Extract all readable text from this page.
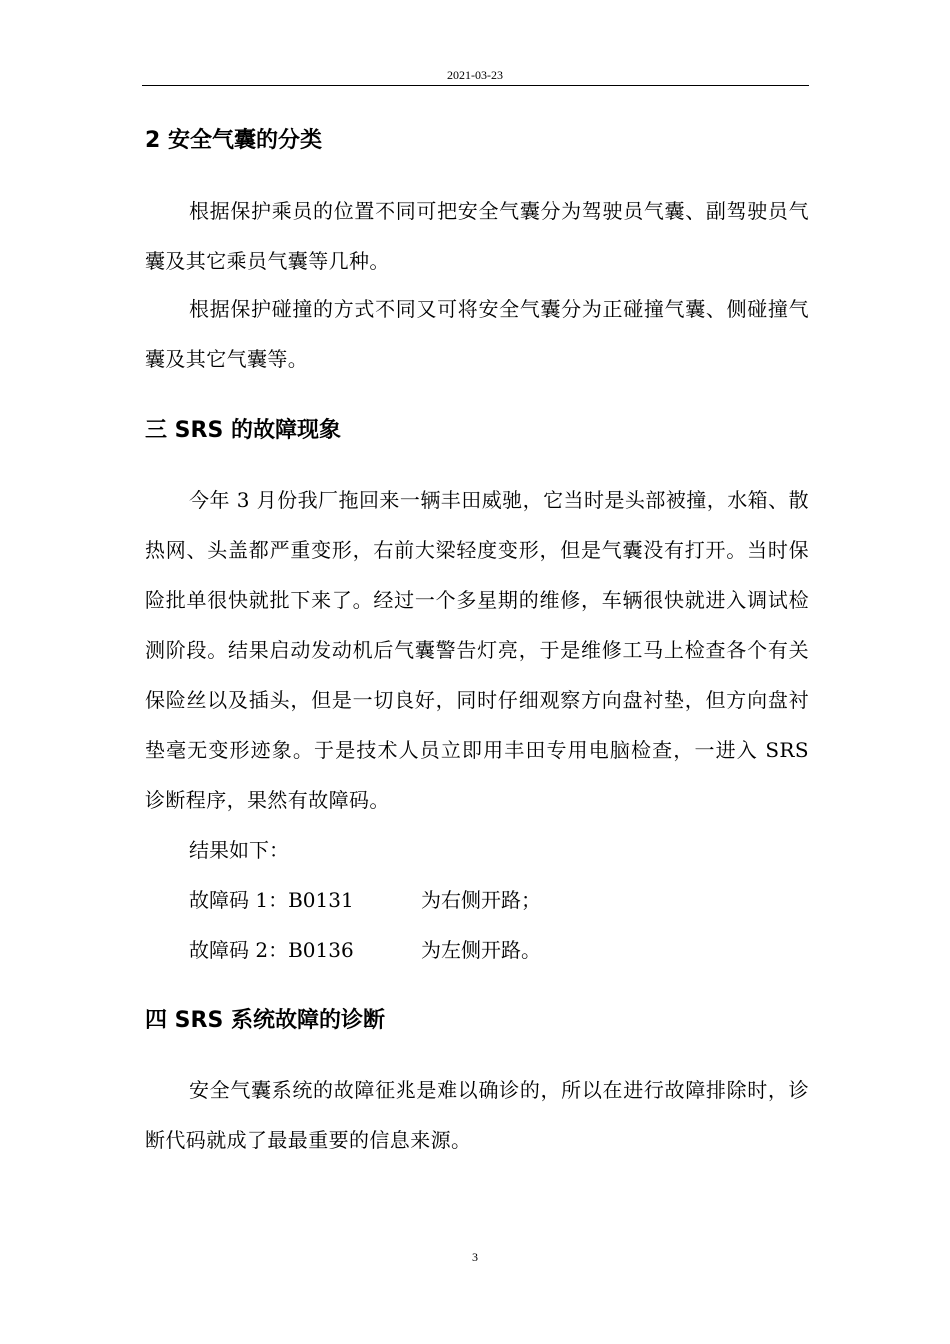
2021-03-23
2 安全气囊的分类
根据保护乘员的位置不同可把安全气囊分为驾驶员气囊、副驾驶员气囊及其它乘员气囊等几种。
根据保护碰撞的方式不同又可将安全气囊分为正碰撞气囊、侧碰撞气囊及其它气囊等。
三 SRS 的故障现象
今年 3 月份我厂拖回来一辆丰田威驰，它当时是头部被撞，水箱、散热网、头盖都严重变形，右前大梁轻度变形，但是气囊没有打开。当时保险批单很快就批下来了。经过一个多星期的维修，车辆很快就进入调试检测阶段。结果启动发动机后气囊警告灯亮，于是维修工马上检查各个有关保险丝以及插头，但是一切良好，同时仔细观察方向盘衬垫，但方向盘衬垫毫无变形迹象。于是技术人员立即用丰田专用电脑检查，一进入 SRS 诊断程序，果然有故障码。
结果如下：
故障码 1：B0131	为右侧开路；
故障码 2：B0136	为左侧开路。
四 SRS 系统故障的诊断
安全气囊系统的故障征兆是难以确诊的，所以在进行故障排除时，诊断代码就成了最最重要的信息来源。
3
